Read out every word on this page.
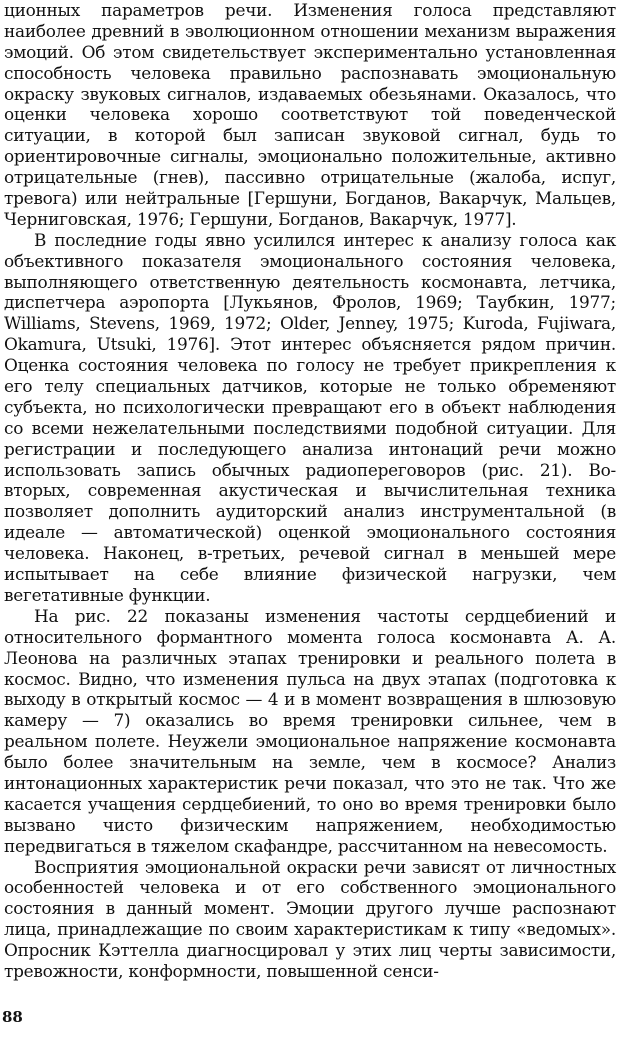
ционных параметров речи. Изменения голоса представляют наиболее древний в эволюционном отношении механизм выражения эмоций. Об этом свидетельствует экспериментально установленная способность человека правильно распознавать эмоциональную окраску звуковых сигналов, издаваемых обезьянами. Оказалось, что оценки человека хорошо соответствуют той поведенческой ситуации, в которой был записан звуковой сигнал, будь то ориентировочные сигналы, эмоционально положительные, активно отрицательные (гнев), пассивно отрицательные (жалоба, испуг, тревога) или нейтральные [Гершуни, Богданов, Вакарчук, Мальцев, Черниговская, 1976; Гершуни, Богданов, Вакарчук, 1977].

В последние годы явно усилился интерес к анализу голоса как объективного показателя эмоционального состояния человека, выполняющего ответственную деятельность космонавта, летчика, диспетчера аэропорта [Лукьянов, Фролов, 1969; Таубкин, 1977; Williams, Stevens, 1969, 1972; Older, Jenney, 1975; Kuroda, Fujiwara, Okamura, Utsuki, 1976]. Этот интерес объясняется рядом причин. Оценка состояния человека по голосу не требует прикрепления к его телу специальных датчиков, которые не только обременяют субъекта, но психологически превращают его в объект наблюдения со всеми нежелательными последствиями подобной ситуации. Для регистрации и последующего анализа интонаций речи можно использовать запись обычных радиопереговоров (рис. 21). Во-вторых, современная акустическая и вычислительная техника позволяет дополнить аудиторский анализ инструментальной (в идеале — автоматической) оценкой эмоционального состояния человека. Наконец, в-третьих, речевой сигнал в меньшей мере испытывает на себе влияние физической нагрузки, чем вегетативные функции.

На рис. 22 показаны изменения частоты сердцебиений и относительного формантного момента голоса космонавта А. А. Леонова на различных этапах тренировки и реального полета в космос. Видно, что изменения пульса на двух этапах (подготовка к выходу в открытый космос — 4 и в момент возвращения в шлюзовую камеру — 7) оказались во время тренировки сильнее, чем в реальном полете. Неужели эмоциональное напряжение космонавта было более значительным на земле, чем в космосе? Анализ интонационных характеристик речи показал, что это не так. Что же касается учащения сердцебиений, то оно во время тренировки было вызвано чисто физическим напряжением, необходимостью передвигаться в тяжелом скафандре, рассчитанном на невесомость.

Восприятия эмоциональной окраски речи зависят от личностных особенностей человека и от его собственного эмоционального состояния в данный момент. Эмоции другого лучше распознают лица, принадлежащие по своим характеристикам к типу «ведомых». Опросник Кэттелла диагносцировал у этих лиц черты зависимости, тревожности, конформности, повышенной сенси-

88
